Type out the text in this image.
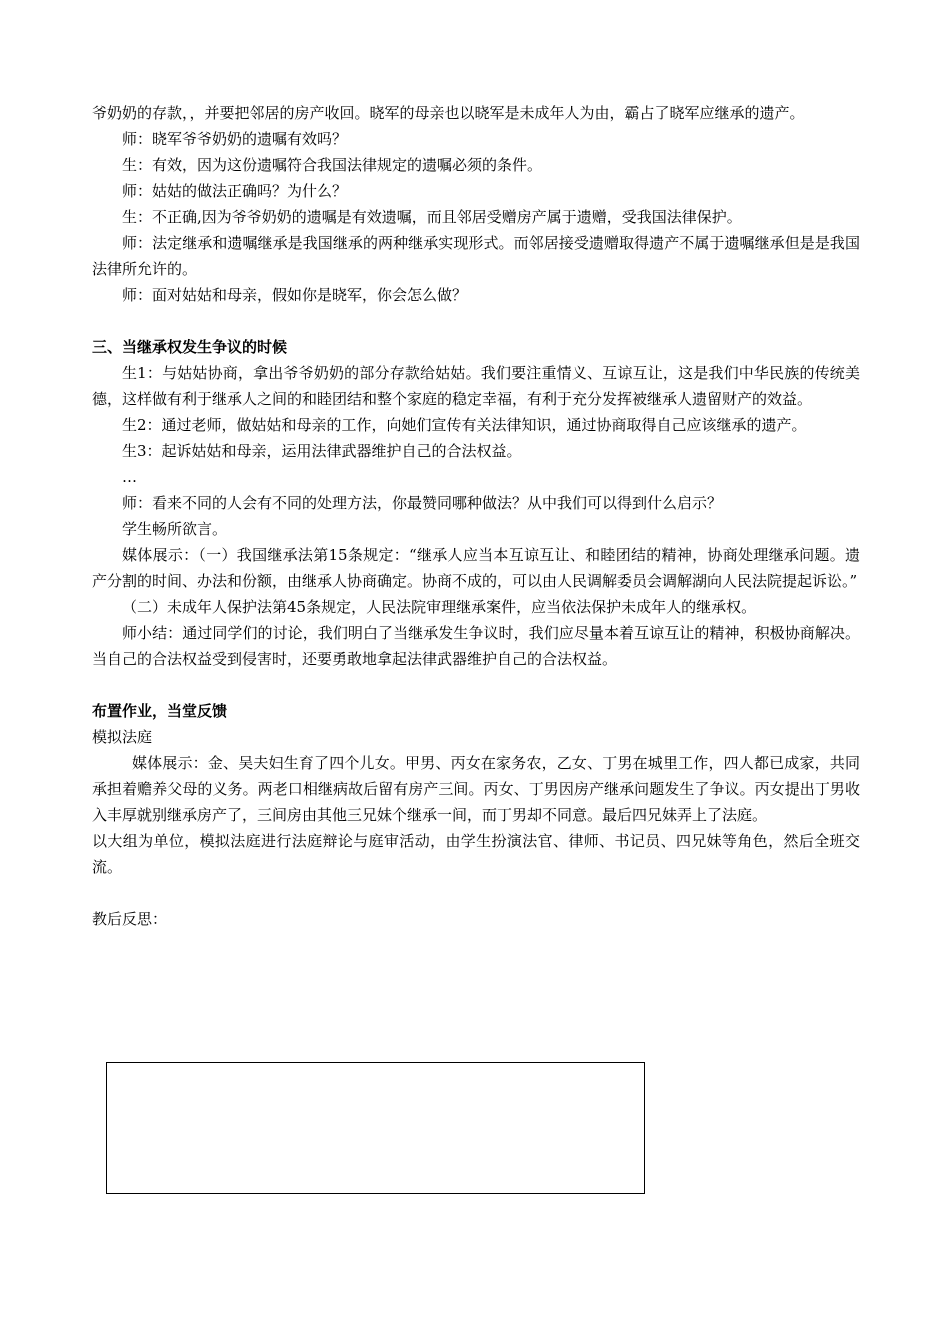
爷奶奶的存款，，并要把邻居的房产收回。晓军的母亲也以晓军是未成年人为由，霸占了晓军应继承的遗产。

师：晓军爷爷奶奶的遗嘱有效吗？

生：有效，因为这份遗嘱符合我国法律规定的遗嘱必须的条件。

师：姑姑的做法正确吗？为什么？

生：不正确,因为爷爷奶奶的遗嘱是有效遗嘱，而且邻居受赠房产属于遗赠，受我国法律保护。

师：法定继承和遗嘱继承是我国继承的两种继承实现形式。而邻居接受遗赠取得遗产不属于遗嘱继承但是是我国法律所允许的。

师：面对姑姑和母亲，假如你是晓军，你会怎么做？

三、当继承权发生争议的时候

生1：与姑姑协商，拿出爷爷奶奶的部分存款给姑姑。我们要注重情义、互谅互让，这是我们中华民族的传统美德，这样做有利于继承人之间的和睦团结和整个家庭的稳定幸福，有利于充分发挥被继承人遗留财产的效益。

生2：通过老师，做姑姑和母亲的工作，向她们宣传有关法律知识，通过协商取得自己应该继承的遗产。

生3：起诉姑姑和母亲，运用法律武器维护自己的合法权益。

…

师：看来不同的人会有不同的处理方法，你最赞同哪种做法？从中我们可以得到什么启示？

学生畅所欲言。

媒体展示：（一）我国继承法第15条规定：“继承人应当本互谅互让、和睦团结的精神，协商处理继承问题。遗产分割的时间、办法和份额，由继承人协商确定。协商不成的，可以由人民调解委员会调解湖向人民法院提起诉讼。”

（二）未成年人保护法第45条规定，人民法院审理继承案件，应当依法保护未成年人的继承权。

师小结：通过同学们的讨论，我们明白了当继承发生争议时，我们应尽量本着互谅互让的精神，积极协商解决。当自己的合法权益受到侵害时，还要勇敢地拿起法律武器维护自己的合法权益。

布置作业，当堂反馈

模拟法庭

媒体展示：金、吴夫妇生育了四个儿女。甲男、丙女在家务农，乙女、丁男在城里工作，四人都已成家，共同承担着赡养父母的义务。两老口相继病故后留有房产三间。丙女、丁男因房产继承问题发生了争议。丙女提出丁男收入丰厚就别继承房产了，三间房由其他三兄妹个继承一间，而丁男却不同意。最后四兄妹弄上了法庭。

以大组为单位，模拟法庭进行法庭辩论与庭审活动，由学生扮演法官、律师、书记员、四兄妹等角色，然后全班交流。

教后反思：
